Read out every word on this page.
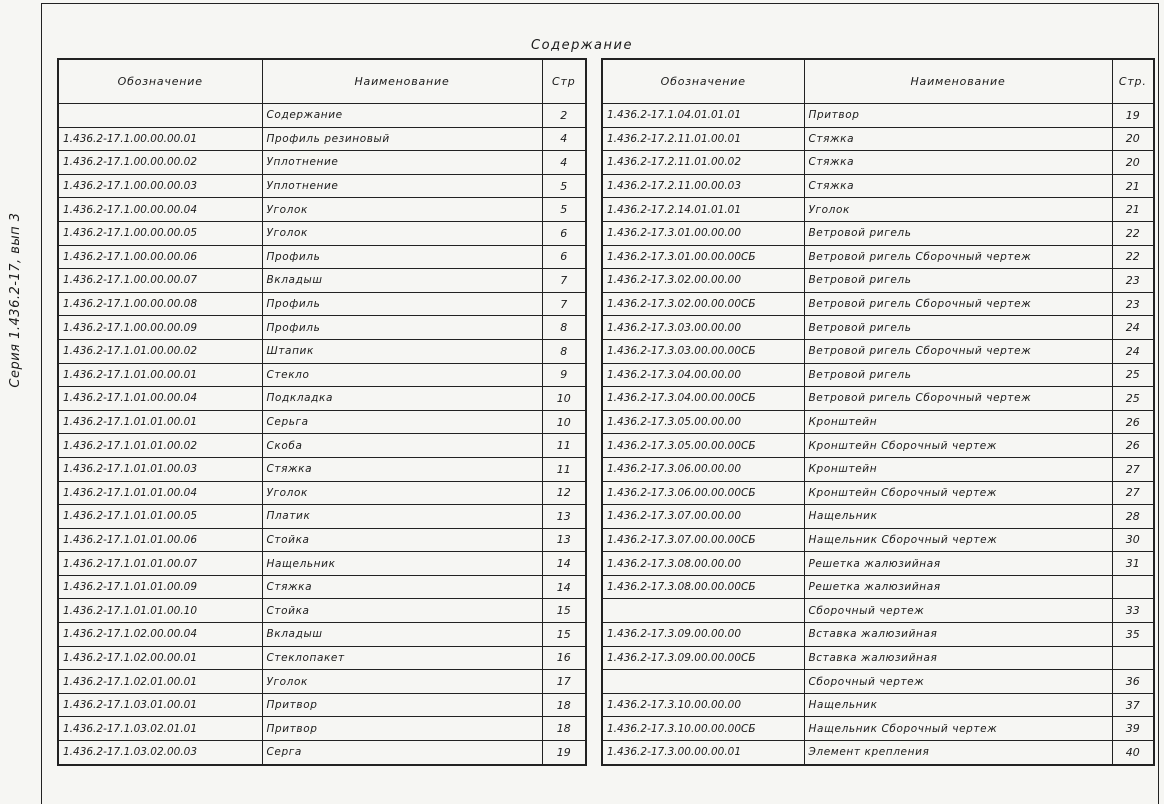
Серия 1.436.2-17, вып 3
Содержание
Обозначение	Наименование	Стр
	Содержание	2
1.436.2-17.1.00.00.00.01	Профиль резиновый	4
1.436.2-17.1.00.00.00.02	Уплотнение	4
1.436.2-17.1.00.00.00.03	Уплотнение	5
1.436.2-17.1.00.00.00.04	Уголок	5
1.436.2-17.1.00.00.00.05	Уголок	6
1.436.2-17.1.00.00.00.06	Профиль	6
1.436.2-17.1.00.00.00.07	Вкладыш	7
1.436.2-17.1.00.00.00.08	Профиль	7
1.436.2-17.1.00.00.00.09	Профиль	8
1.436.2-17.1.01.00.00.02	Штапик	8
1.436.2-17.1.01.00.00.01	Стекло	9
1.436.2-17.1.01.00.00.04	Подкладка	10
1.436.2-17.1.01.01.00.01	Серьга	10
1.436.2-17.1.01.01.00.02	Скоба	11
1.436.2-17.1.01.01.00.03	Стяжка	11
1.436.2-17.1.01.01.00.04	Уголок	12
1.436.2-17.1.01.01.00.05	Платик	13
1.436.2-17.1.01.01.00.06	Стойка	13
1.436.2-17.1.01.01.00.07	Нащельник	14
1.436.2-17.1.01.01.00.09	Стяжка	14
1.436.2-17.1.01.01.00.10	Стойка	15
1.436.2-17.1.02.00.00.04	Вкладыш	15
1.436.2-17.1.02.00.00.01	Стеклопакет	16
1.436.2-17.1.02.01.00.01	Уголок	17
1.436.2-17.1.03.01.00.01	Притвор	18
1.436.2-17.1.03.02.01.01	Притвор	18
1.436.2-17.1.03.02.00.03	Серга	19
Обозначение	Наименование	Стр.
1.436.2-17.1.04.01.01.01	Притвор	19
1.436.2-17.2.11.01.00.01	Стяжка	20
1.436.2-17.2.11.01.00.02	Стяжка	20
1.436.2-17.2.11.00.00.03	Стяжка	21
1.436.2-17.2.14.01.01.01	Уголок	21
1.436.2-17.3.01.00.00.00	Ветровой ригель	22
1.436.2-17.3.01.00.00.00СБ	Ветровой ригель Сборочный чертеж	22
1.436.2-17.3.02.00.00.00	Ветровой ригель	23
1.436.2-17.3.02.00.00.00СБ	Ветровой ригель Сборочный чертеж	23
1.436.2-17.3.03.00.00.00	Ветровой ригель	24
1.436.2-17.3.03.00.00.00СБ	Ветровой ригель Сборочный чертеж	24
1.436.2-17.3.04.00.00.00	Ветровой ригель	25
1.436.2-17.3.04.00.00.00СБ	Ветровой ригель Сборочный чертеж	25
1.436.2-17.3.05.00.00.00	Кронштейн	26
1.436.2-17.3.05.00.00.00СБ	Кронштейн Сборочный чертеж	26
1.436.2-17.3.06.00.00.00	Кронштейн	27
1.436.2-17.3.06.00.00.00СБ	Кронштейн Сборочный чертеж	27
1.436.2-17.3.07.00.00.00	Нащельник	28
1.436.2-17.3.07.00.00.00СБ	Нащельник Сборочный чертеж	30
1.436.2-17.3.08.00.00.00	Решетка жалюзийная	31
1.436.2-17.3.08.00.00.00СБ	Решетка жалюзийная	
	Сборочный чертеж	33
1.436.2-17.3.09.00.00.00	Вставка жалюзийная	35
1.436.2-17.3.09.00.00.00СБ	Вставка жалюзийная	
	Сборочный чертеж	36
1.436.2-17.3.10.00.00.00	Нащельник	37
1.436.2-17.3.10.00.00.00СБ	Нащельник Сборочный чертеж	39
1.436.2-17.3.00.00.00.01	Элемент крепления	40
